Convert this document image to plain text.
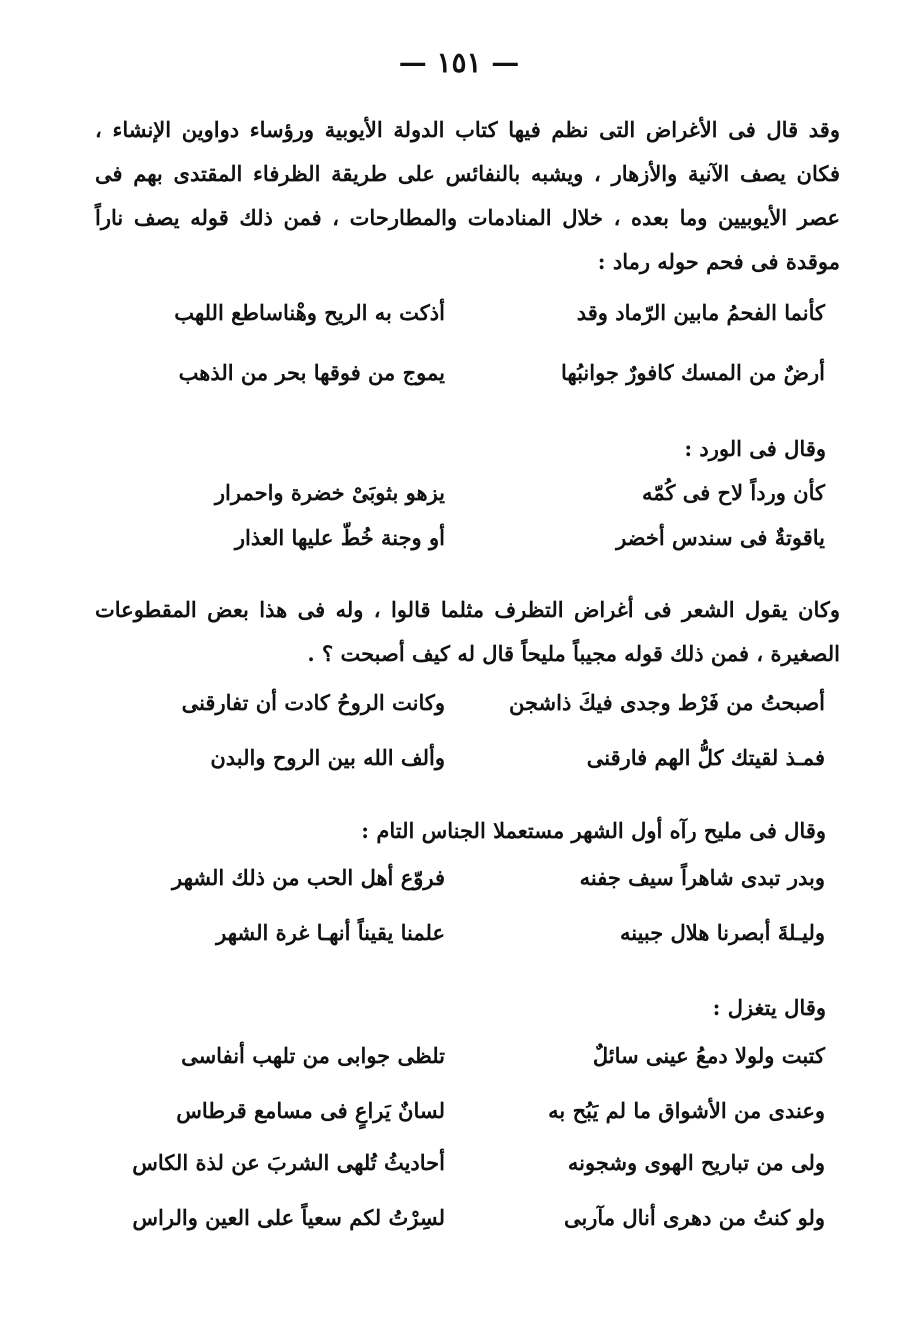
— ١٥١ —
وقد قال فى الأغراض التى نظم فيها كتاب الدولة الأيوبية ورؤساء دواوين الإنشاء ، فكان يصف الآنية والأزهار ، ويشبه بالنفائس على طريقة الظرفاء المقتدى بهم فى عصر الأيوبيين وما بعده ، خلال المنادمات والمطارحات ، فمن ذلك قوله يصف ناراً موقدة فى فحم حوله رماد :
كأنما الفحمُ مابين الرّماد وقد
أذكت به الريح وهْناساطع اللهب
أرضٌ من المسك كافورٌ جوانبُها
يموج من فوقها بحر من الذهب
وقال فى الورد :
كأن ورداً لاح فى كُمّه
يزهو بثوبَىْ خضرة واحمرار
ياقوتةٌ فى سندس أخضر
أو وجنة خُطّ عليها العذار
وكان يقول الشعر فى أغراض التظرف مثلما قالوا ، وله فى هذا بعض المقطوعات الصغيرة ، فمن ذلك قوله مجيباً مليحاً قال له كيف أصبحت ؟ .
أصبحتُ من فَرْط وجدى فيكَ ذاشجن
وكانت الروحُ كادت أن تفارقنى
فمـذ لقيتك كلُّ الهم فارقنى
وألف الله بين الروح والبدن
وقال فى مليح رآه أول الشهر مستعملا الجناس التام :
وبدر تبدى شاهراً سيف جفنه
فروّع أهل الحب من ذلك الشهر
وليـلةَ أبصرنا هلال جبينه
علمنا يقيناً أنهـا غرة الشهر
وقال يتغزل :
كتبت ولولا دمعُ عينى سائلٌ
تلظى جوابى من تلهب أنفاسى
وعندى من الأشواق ما لم يَبُح به
لسانٌ يَراعٍ فى مسامع قرطاس
ولى من تباريح الهوى وشجونه
أحاديثُ تُلهى الشربَ عن لذة الكاس
ولو كنتُ من دهرى أنال مآربى
لسِرْتُ لكم سعياً على العين والراس
